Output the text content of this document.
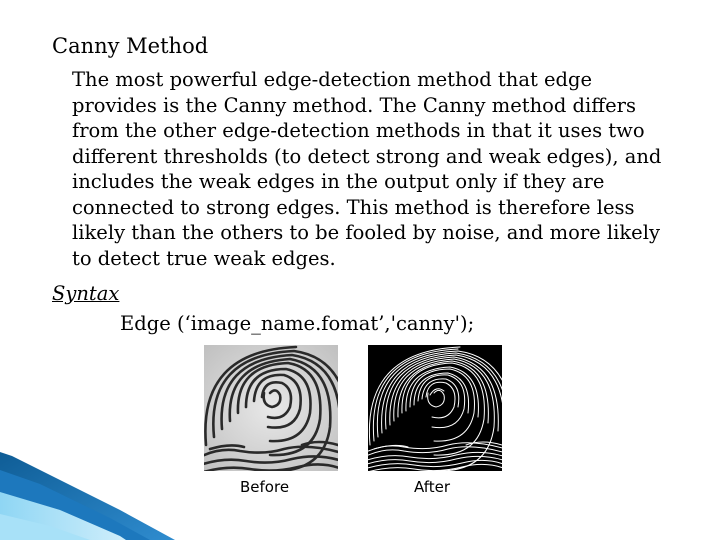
Canny Method
The most powerful edge-detection method that edge
provides is the Canny method. The Canny method differs
from the other edge-detection methods in that it uses two
different thresholds (to detect strong and weak edges), and
includes the weak edges in the output only if they are
connected to strong edges. This method is therefore less
likely than the others to be fooled by noise, and more likely
to detect true weak edges.
Syntax
Edge (‘image_name.fomat’,'canny');
Before	After
